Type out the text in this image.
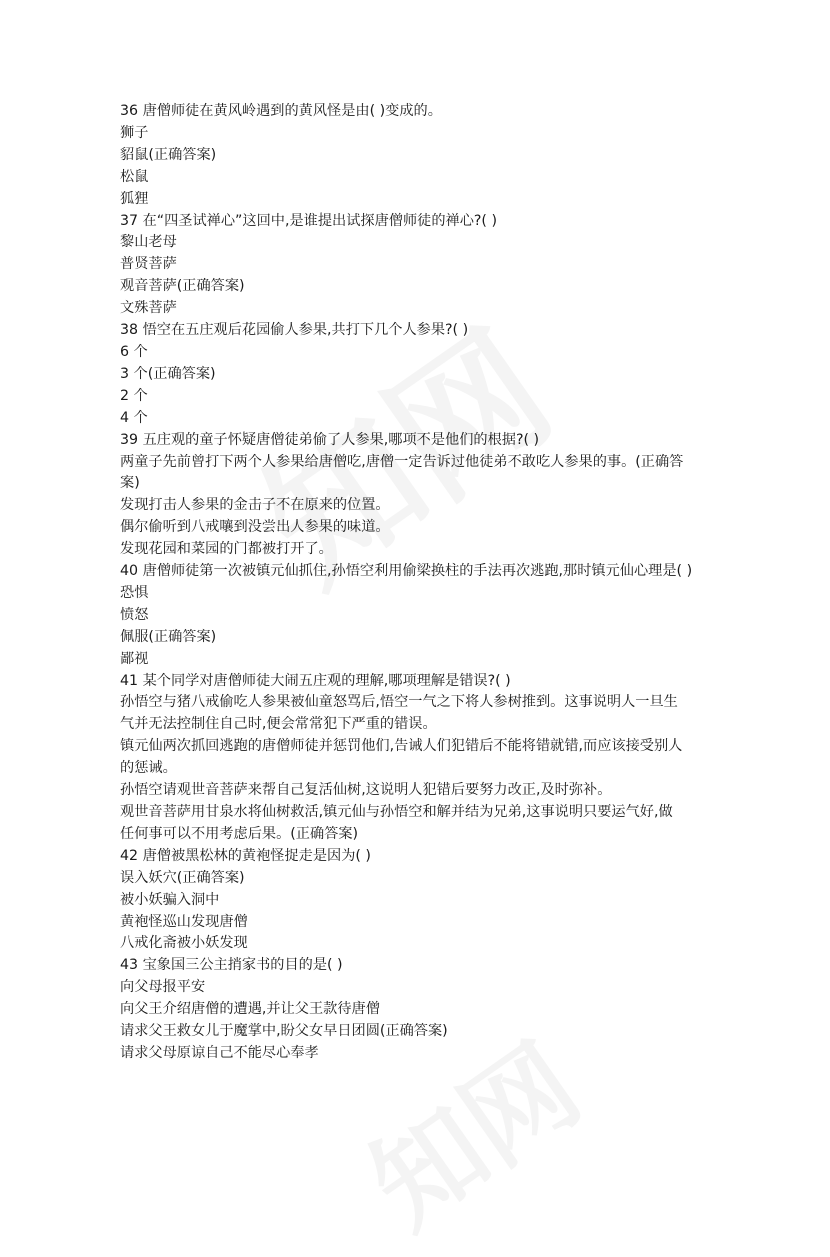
36 唐僧师徒在黄风岭遇到的黄风怪是由( )变成的。
狮子
貂鼠(正确答案)
松鼠
狐狸
37 在“四圣试禅心”这回中,是谁提出试探唐僧师徒的禅心?( )
黎山老母
普贤菩萨
观音菩萨(正确答案)
文殊菩萨
38 悟空在五庄观后花园偷人参果,共打下几个人参果?( )
6 个
3 个(正确答案)
2 个
4 个
39 五庄观的童子怀疑唐僧徒弟偷了人参果,哪项不是他们的根据?( )
两童子先前曾打下两个人参果给唐僧吃,唐僧一定告诉过他徒弟不敢吃人参果的事。(正确答
案)
发现打击人参果的金击子不在原来的位置。
偶尔偷听到八戒嚷到没尝出人参果的味道。
发现花园和菜园的门都被打开了。
40 唐僧师徒第一次被镇元仙抓住,孙悟空利用偷梁换柱的手法再次逃跑,那时镇元仙心理是( )
恐惧
愤怒
佩服(正确答案)
鄙视
41 某个同学对唐僧师徒大闹五庄观的理解,哪项理解是错误?( )
孙悟空与猪八戒偷吃人参果被仙童怒骂后,悟空一气之下将人参树推到。这事说明人一旦生
气并无法控制住自己时,便会常常犯下严重的错误。
镇元仙两次抓回逃跑的唐僧师徒并惩罚他们,告诫人们犯错后不能将错就错,而应该接受别人
的惩诫。
孙悟空请观世音菩萨来帮自己复活仙树,这说明人犯错后要努力改正,及时弥补。
观世音菩萨用甘泉水将仙树救活,镇元仙与孙悟空和解并结为兄弟,这事说明只要运气好,做
任何事可以不用考虑后果。(正确答案)
42 唐僧被黑松林的黄袍怪捉走是因为( )
误入妖穴(正确答案)
被小妖骗入洞中
黄袍怪巡山发现唐僧
八戒化斋被小妖发现
43 宝象国三公主捎家书的目的是( )
向父母报平安
向父王介绍唐僧的遭遇,并让父王款待唐僧
请求父王救女儿于魔掌中,盼父女早日团圆(正确答案)
请求父母原谅自己不能尽心奉孝
